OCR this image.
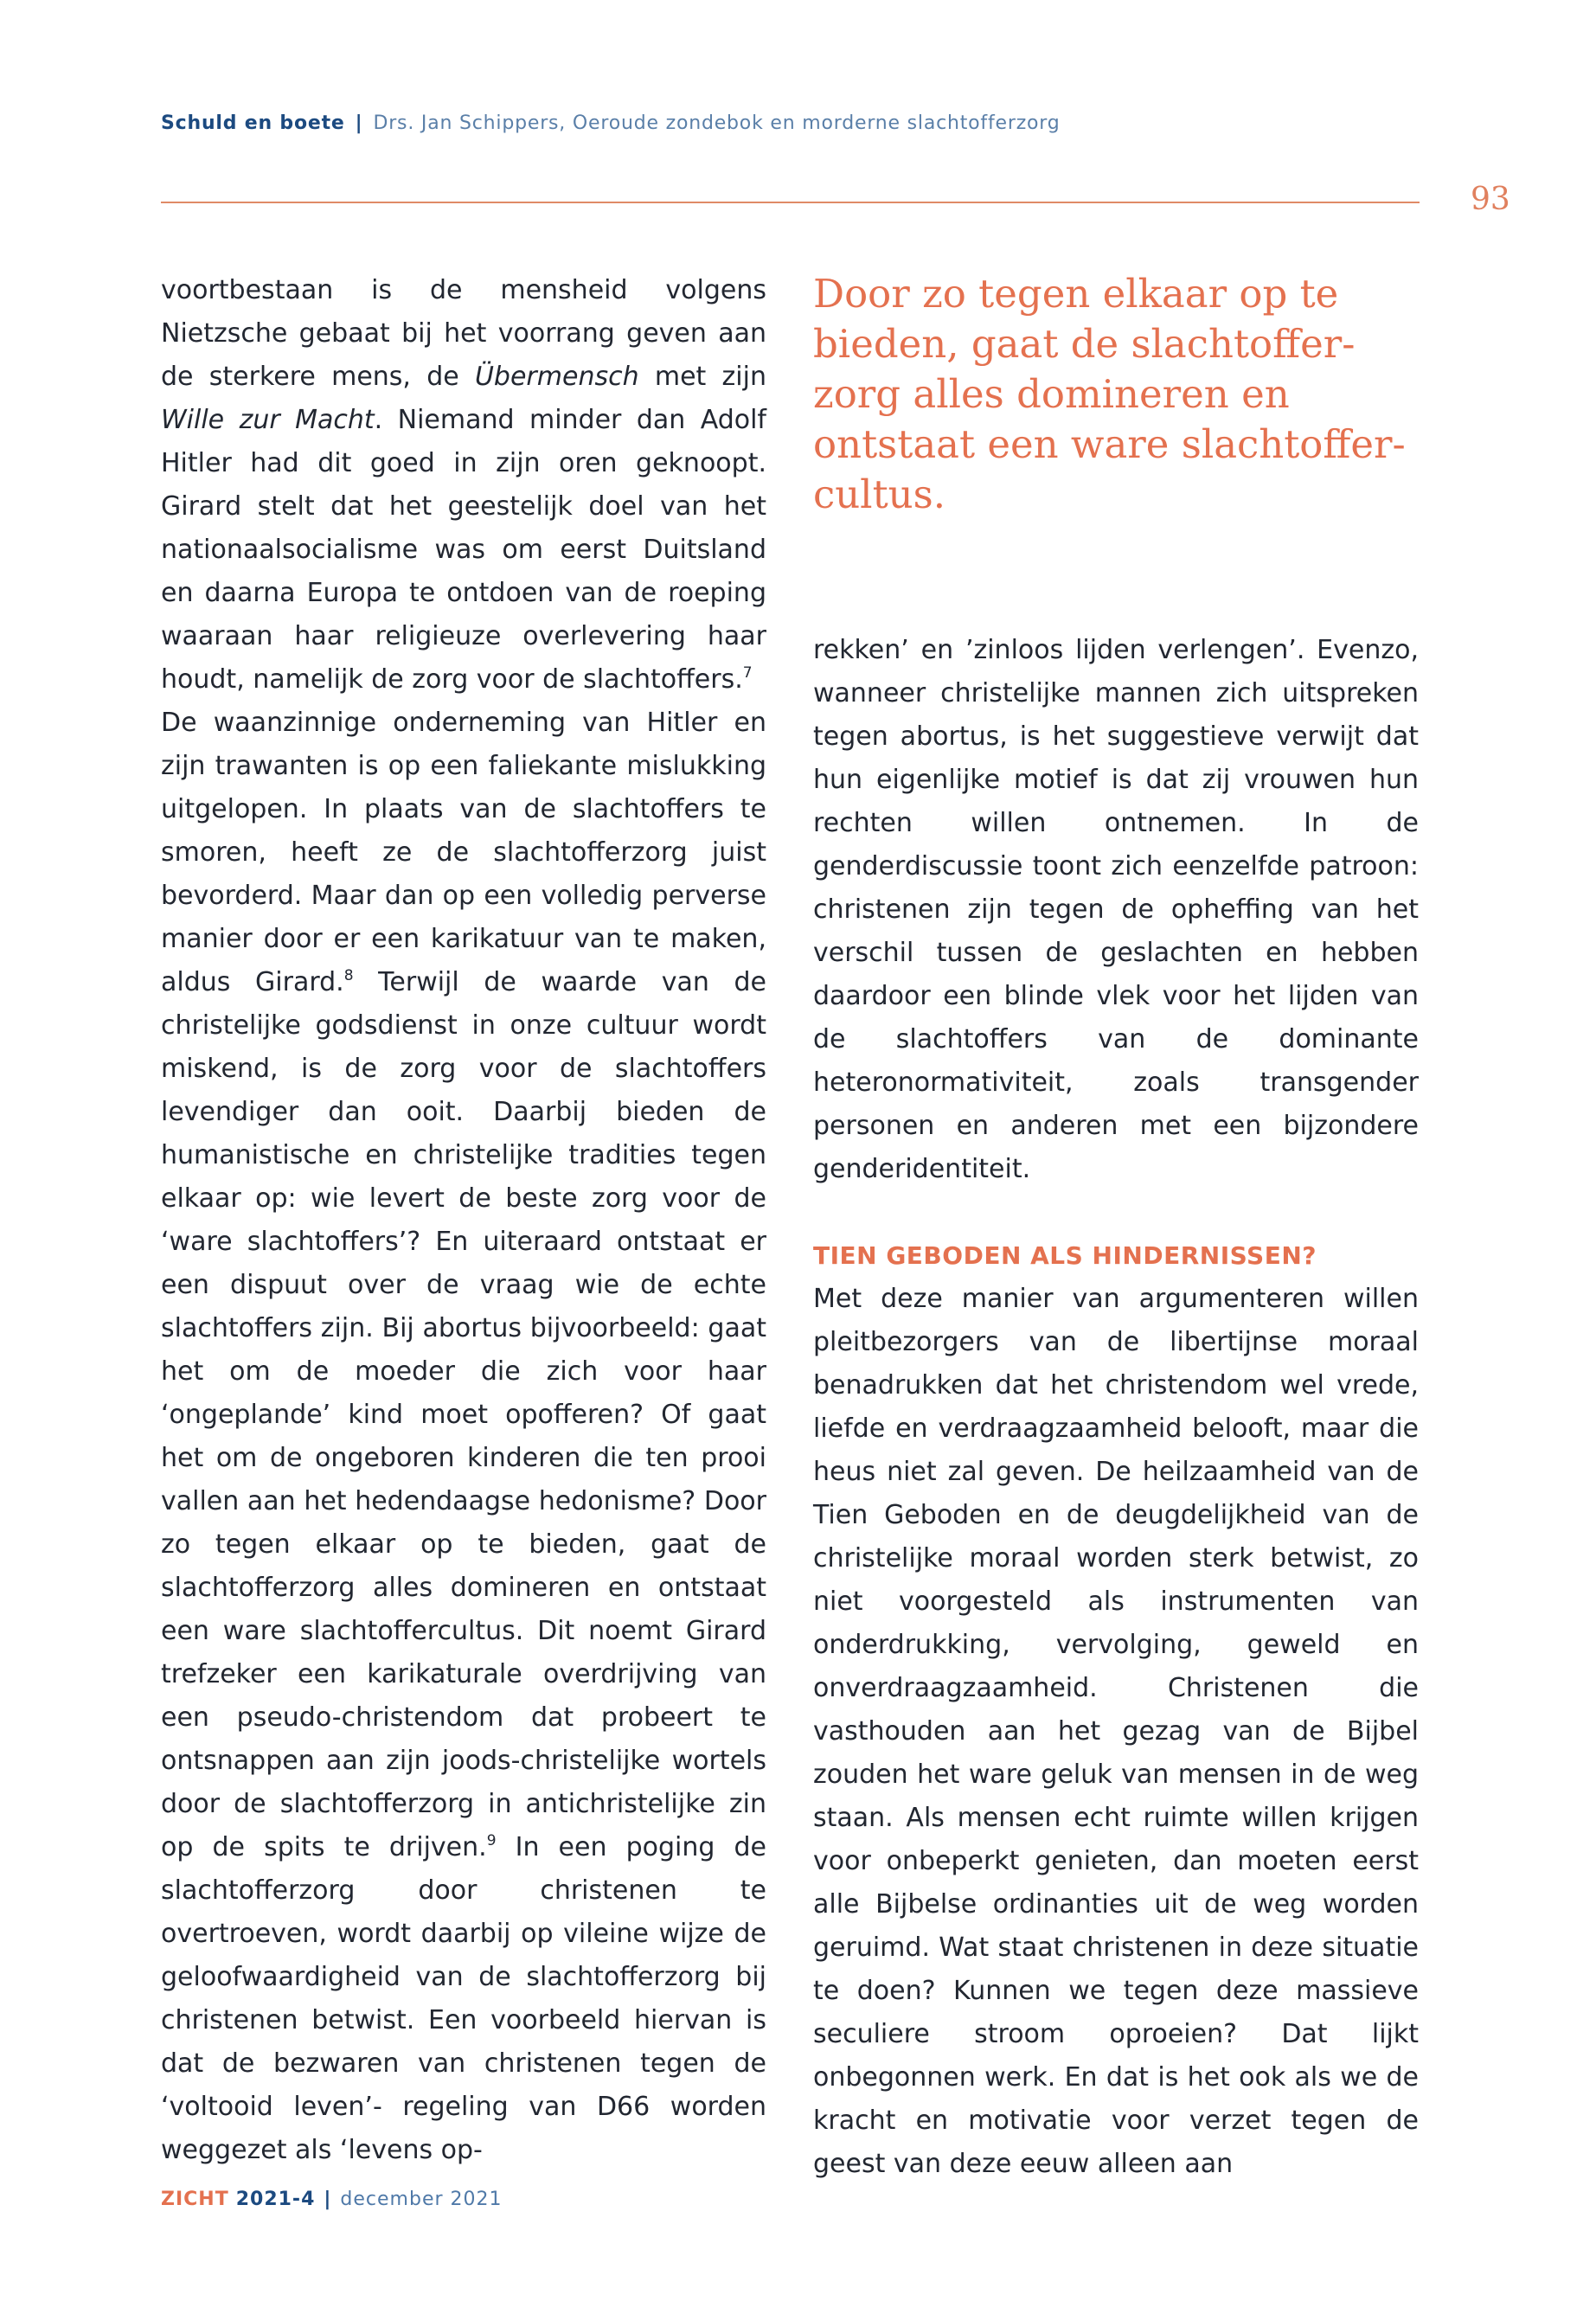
Schuld en boete | Drs. Jan Schippers, Oeroude zondebok en morderne slachtofferzorg
93

voortbestaan is de mensheid volgens Nietzsche gebaat bij het voorrang geven aan de sterkere mens, de Übermensch met zijn Wille zur Macht. Niemand minder dan Adolf Hitler had dit goed in zijn oren geknoopt. Girard stelt dat het geestelijk doel van het nationaalsocialisme was om eerst Duitsland en daarna Europa te ontdoen van de roeping waaraan haar religieuze overlevering haar houdt, namelijk de zorg voor de slachtoffers.$^7$

De waanzinnige onderneming van Hitler en zijn trawanten is op een faliekante mislukking uitgelopen. In plaats van de slachtoffers te smoren, heeft ze de slachtofferzorg juist bevorderd. Maar dan op een volledig perverse manier door er een karikatuur van te maken, aldus Girard.$^8$ Terwijl de waarde van de christelijke godsdienst in onze cultuur wordt miskend, is de zorg voor de slachtoffers levendiger dan ooit. Daarbij bieden de humanistische en christelijke tradities tegen elkaar op: wie levert de beste zorg voor de ‘ware slachtoffers’? En uiteraard ontstaat er een dispuut over de vraag wie de echte slachtoffers zijn. Bij abortus bijvoorbeeld: gaat het om de moeder die zich voor haar ‘ongeplande’ kind moet opofferen? Of gaat het om de ongeboren kinderen die ten prooi vallen aan het hedendaagse hedonisme? Door zo tegen elkaar op te bieden, gaat de slachtofferzorg alles domineren en ontstaat een ware slachtoffercultus. Dit noemt Girard trefzeker een karikaturale overdrijving van een pseudo-christendom dat probeert te ontsnappen aan zijn joods-christelijke wortels door de slachtofferzorg in antichristelijke zin op de spits te drijven.$^9$ In een poging de slachtofferzorg door christenen te overtroeven, wordt daarbij op vileine wijze de geloofwaardigheid van de slachtofferzorg bij christenen betwist. Een voorbeeld hiervan is dat de bezwaren van christenen tegen de ‘voltooid leven’- regeling van D66 worden weggezet als ‘levens op-

Door zo tegen elkaar op te bieden, gaat de slachtoffer-zorg alles domineren en ontstaat een ware slachtoffer-cultus.

rekken’ en ’zinloos lijden verlengen’. Evenzo, wanneer christelijke mannen zich uitspreken tegen abortus, is het suggestieve verwijt dat hun eigenlijke motief is dat zij vrouwen hun rechten willen ontnemen. In de genderdiscussie toont zich eenzelfde patroon: christenen zijn tegen de opheffing van het verschil tussen de geslachten en hebben daardoor een blinde vlek voor het lijden van de slachtoffers van de dominante heteronormativiteit, zoals transgender personen en anderen met een bijzondere genderidentiteit.

TIEN GEBODEN ALS HINDERNISSEN?

Met deze manier van argumenteren willen pleitbezorgers van de libertijnse moraal benadrukken dat het christendom wel vrede, liefde en verdraagzaamheid belooft, maar die heus niet zal geven. De heilzaamheid van de Tien Geboden en de deugdelijkheid van de christelijke moraal worden sterk betwist, zo niet voorgesteld als instrumenten van onderdrukking, vervolging, geweld en onverdraagzaamheid. Christenen die vasthouden aan het gezag van de Bijbel zouden het ware geluk van mensen in de weg staan. Als mensen echt ruimte willen krijgen voor onbeperkt genieten, dan moeten eerst alle Bijbelse ordinanties uit de weg worden geruimd. Wat staat christenen in deze situatie te doen? Kunnen we tegen deze massieve seculiere stroom oproeien? Dat lijkt onbegonnen werk. En dat is het ook als we de kracht en motivatie voor verzet tegen de geest van deze eeuw alleen aan

ZICHT 2021-4 | december 2021
